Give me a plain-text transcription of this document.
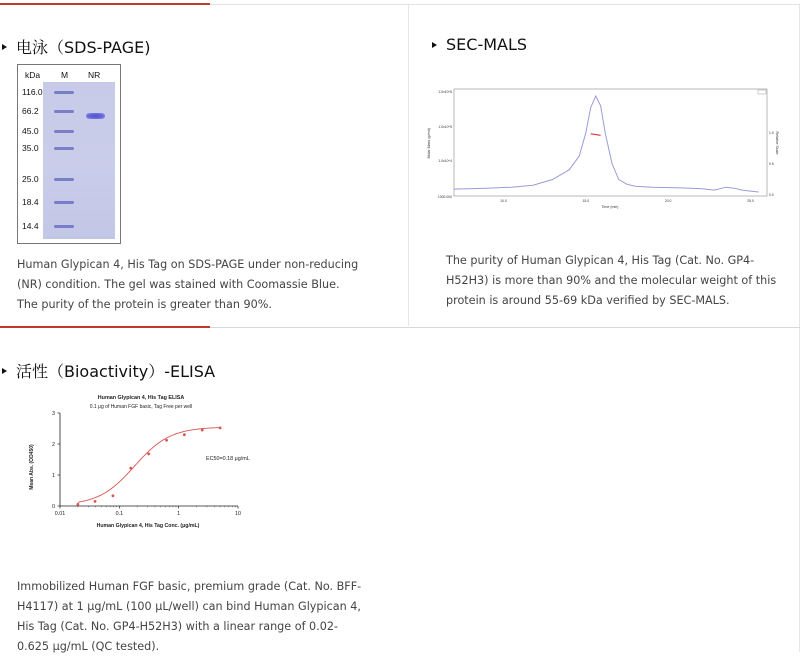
电泳（SDS-PAGE)
kDa M NR
116.0
66.2
45.0
35.0
25.0
18.4
14.4
Human Glypican 4, His Tag on SDS-PAGE under non-reducing (NR) condition. The gel was stained with Coomassie Blue. The purity of the protein is greater than 90%.
SEC-MALS
Molar Mass (g/mol)	Relative Scale
Time (min)
1.0x10^6
1.0x10^5
1.0x10^4
1000.000
1.0
0.5
0.0
10.0	15.0	20.0	25.0
The purity of Human Glypican 4, His Tag (Cat. No. GP4-H52H3) is more than 90% and the molecular weight of this protein is around 55-69 kDa verified by SEC-MALS.
活性（Bioactivity）-ELISA
Human Glypican 4, His Tag ELISA
0.1 μg of Human FGF basic, Tag Free per well
Mean Abs. (OD450)
Human Glypican 4, His Tag Conc. (μg/mL)
EC50=0.18 μg/mL
0
1
2
3
0.01	0.1	1	10
Immobilized Human FGF basic, premium grade (Cat. No. BFF-H4117) at 1 μg/mL (100 μL/well) can bind Human Glypican 4, His Tag (Cat. No. GP4-H52H3) with a linear range of 0.02-0.625 μg/mL (QC tested).
